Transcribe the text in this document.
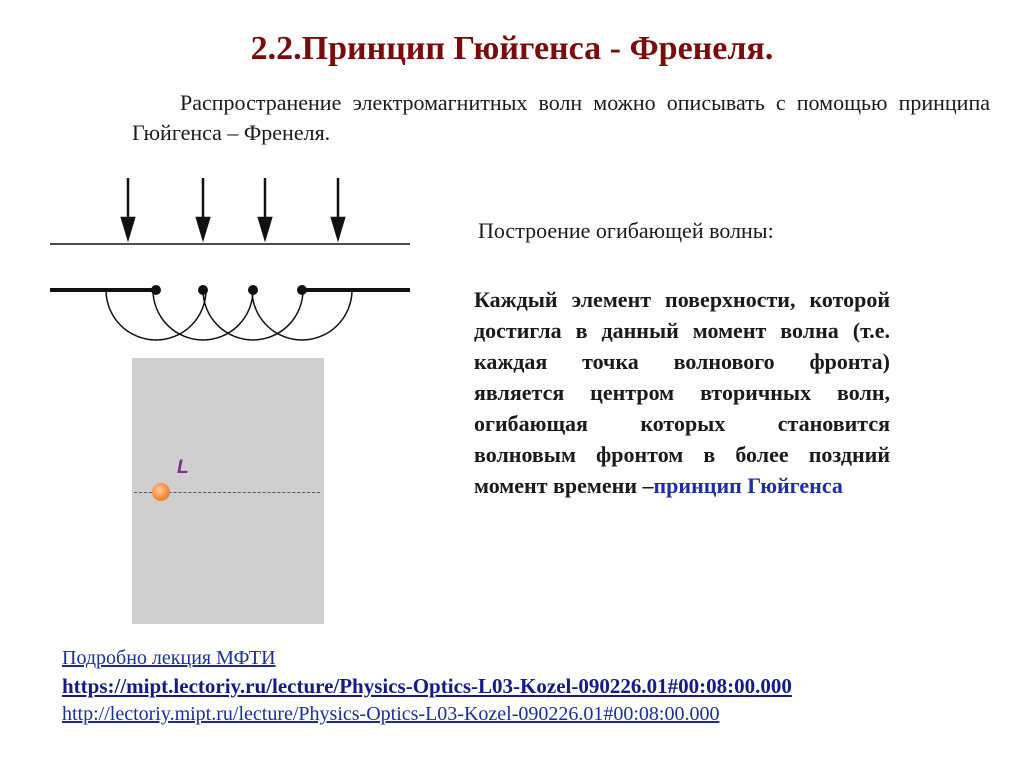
2.2.Принцип Гюйгенса - Френеля.

Распространение электромагнитных волн можно описывать с помощью принципа Гюйгенса – Френеля.

L

Построение огибающей волны:

Каждый элемент поверхности, которой достигла в данный момент волна (т.е. каждая точка волнового фронта) является центром вторичных волн, огибающая которых становится волновым фронтом в более поздний момент времени –принцип Гюйгенса

Подробно лекция МФТИ
https://mipt.lectoriy.ru/lecture/Physics-Optics-L03-Kozel-090226.01#00:08:00.000
http://lectoriy.mipt.ru/lecture/Physics-Optics-L03-Kozel-090226.01#00:08:00.000
